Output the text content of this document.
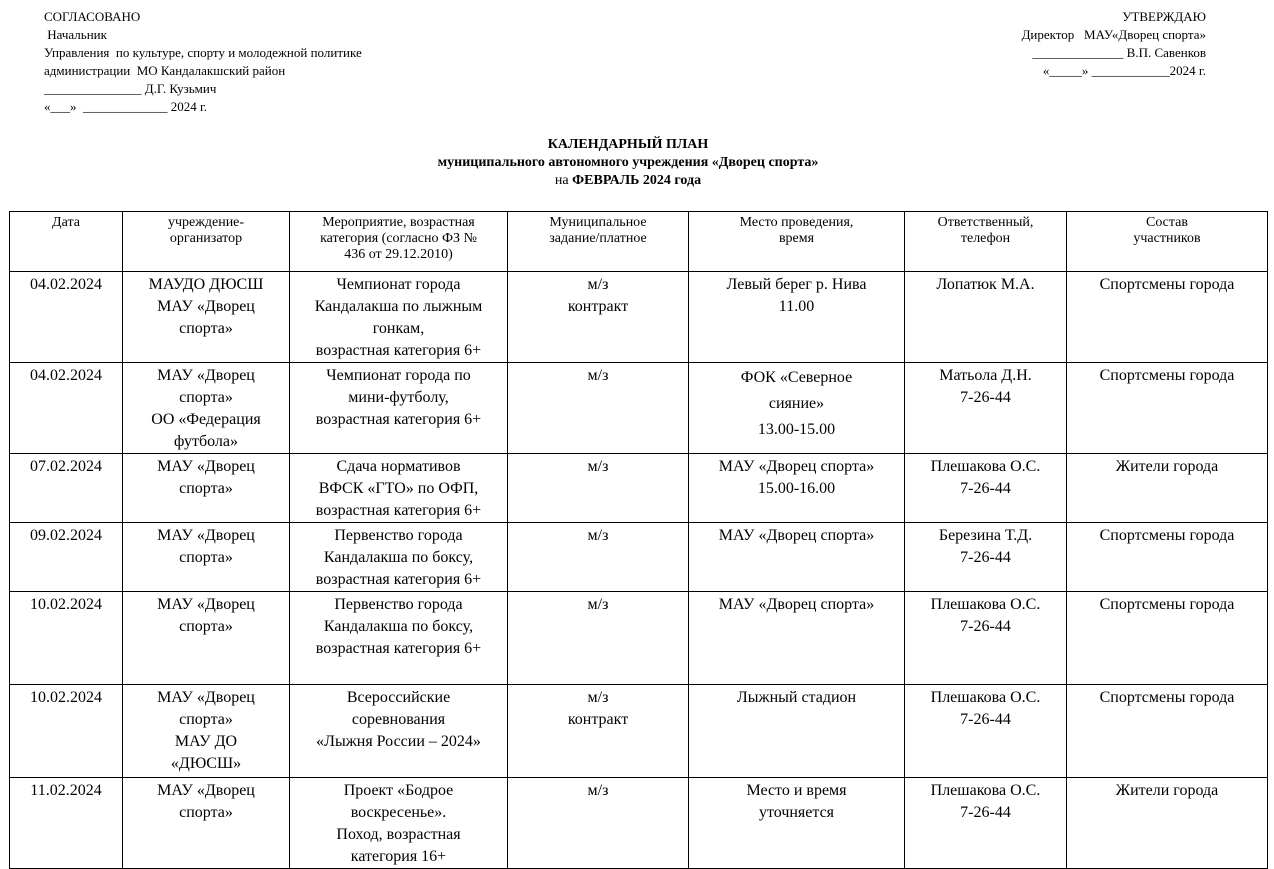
СОГЛАСОВАНО
Начальник
Управления  по культуре, спорту и молодежной политике
администрации  МО Кандалакшский район
_______________ Д.Г. Кузьмич
«___»  _____________ 2024 г.
УТВЕРЖДАЮ
Директор   МАУ«Дворец спорта»
______________ В.П. Савенков
«_____» ____________2024 г.
КАЛЕНДАРНЫЙ ПЛАН
муниципального автономного учреждения «Дворец спорта»
на ФЕВРАЛЬ 2024 года
Дата	учреждение-
организатор	Мероприятие, возрастная
категория (согласно ФЗ №
436 от 29.12.2010)	Муниципальное
задание/платное	Место проведения,
время	Ответственный,
телефон	Состав
участников

04.02.2024	МАУДО ДЮСШ
МАУ «Дворец
спорта»	Чемпионат города
Кандалакша по лыжным
гонкам,
возрастная категория 6+	м/з
контракт	Левый берег р. Нива
11.00	Лопатюк М.А.	Спортсмены города

04.02.2024	МАУ «Дворец
спорта»
ОО «Федерация
футбола»	Чемпионат города по
мини-футболу,
возрастная категория 6+	м/з	ФОК «Северное
сияние»
13.00-15.00	Матьола Д.Н.
7-26-44	Спортсмены города

07.02.2024	МАУ «Дворец
спорта»	Сдача нормативов
ВФСК «ГТО» по ОФП,
возрастная категория 6+	м/з	МАУ «Дворец спорта»
15.00-16.00	Плешакова О.С.
7-26-44	Жители города

09.02.2024	МАУ «Дворец
спорта»	Первенство города
Кандалакша по боксу,
возрастная категория 6+	м/з	МАУ «Дворец спорта»	Березина Т.Д.
7-26-44	Спортсмены города

10.02.2024	МАУ «Дворец
спорта»	Первенство города
Кандалакша по боксу,
возрастная категория 6+	м/з	МАУ «Дворец спорта»	Плешакова О.С.
7-26-44	Спортсмены города

10.02.2024	МАУ «Дворец
спорта»
МАУ ДО
«ДЮСШ»	Всероссийские
соревнования
«Лыжня России – 2024»	м/з
контракт	Лыжный стадион	Плешакова О.С.
7-26-44	Спортсмены города

11.02.2024	МАУ «Дворец
спорта»	Проект «Бодрое
воскресенье».
Поход, возрастная
категория 16+	м/з	Место и время
уточняется	Плешакова О.С.
7-26-44	Жители города
